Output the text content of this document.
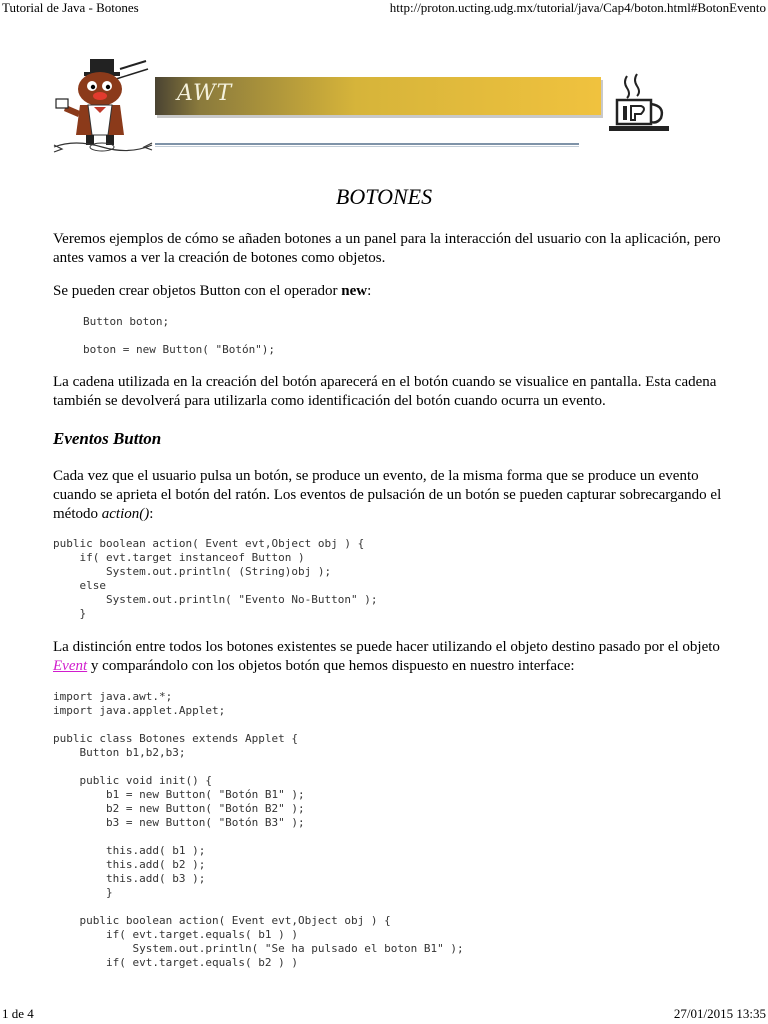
Tutorial de Java - Botones	http://proton.ucting.udg.mx/tutorial/java/Cap4/boton.html#BotonEvento
AWT
BOTONES

Veremos ejemplos de cómo se añaden botones a un panel para la interacción del usuario con la aplicación, pero antes vamos a ver la creación de botones como objetos.

Se pueden crear objetos Button con el operador new:

Button boton;
boton = new Button( "Botón");

La cadena utilizada en la creación del botón aparecerá en el botón cuando se visualice en pantalla. Esta cadena también se devolverá para utilizarla como identificación del botón cuando ocurra un evento.

Eventos Button

Cada vez que el usuario pulsa un botón, se produce un evento, de la misma forma que se produce un evento cuando se aprieta el botón del ratón. Los eventos de pulsación de un botón se pueden capturar sobrecargando el método action():

public boolean action( Event evt,Object obj ) {
if( evt.target instanceof Button )
System.out.println( (String)obj );
else
System.out.println( "Evento No-Button" );
}

La distinción entre todos los botones existentes se puede hacer utilizando el objeto destino pasado por el objeto Event y comparándolo con los objetos botón que hemos dispuesto en nuestro interface:

import java.awt.*;
import java.applet.Applet;

public class Botones extends Applet {
Button b1,b2,b3;

public void init() {
b1 = new Button( "Botón B1" );
b2 = new Button( "Botón B2" );
b3 = new Button( "Botón B3" );

this.add( b1 );
this.add( b2 );
this.add( b3 );
}

public boolean action( Event evt,Object obj ) {
if( evt.target.equals( b1 ) )
System.out.println( "Se ha pulsado el boton B1" );
if( evt.target.equals( b2 ) )
1 de 4	27/01/2015 13:35
